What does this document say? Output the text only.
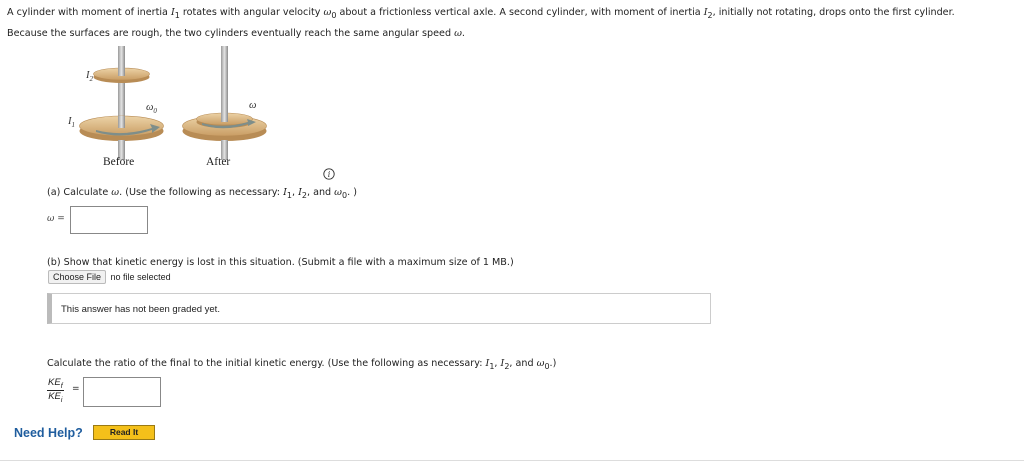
A cylinder with moment of inertia $I_1$ rotates with angular velocity $\omega_0$ about a frictionless vertical axle. A second cylinder, with moment of inertia $I_2$, initially not rotating, drops onto the first cylinder.
Because the surfaces are rough, the two cylinders eventually reach the same angular speed ω.
$I_2$
$I_1$
$\omega_0$
ω
Before	After
i
(a) Calculate ω. (Use the following as necessary: $I_1$, $I_2$, and $\omega_0$. )
ω =
(b) Show that kinetic energy is lost in this situation. (Submit a file with a maximum size of 1 MB.)
Choose File no file selected
This answer has not been graded yet.
Calculate the ratio of the final to the initial kinetic energy. (Use the following as necessary: $I_1$, $I_2$, and $\omega_0$.)
$KE_f$
$KE_i$
=
Need Help?	Read It
